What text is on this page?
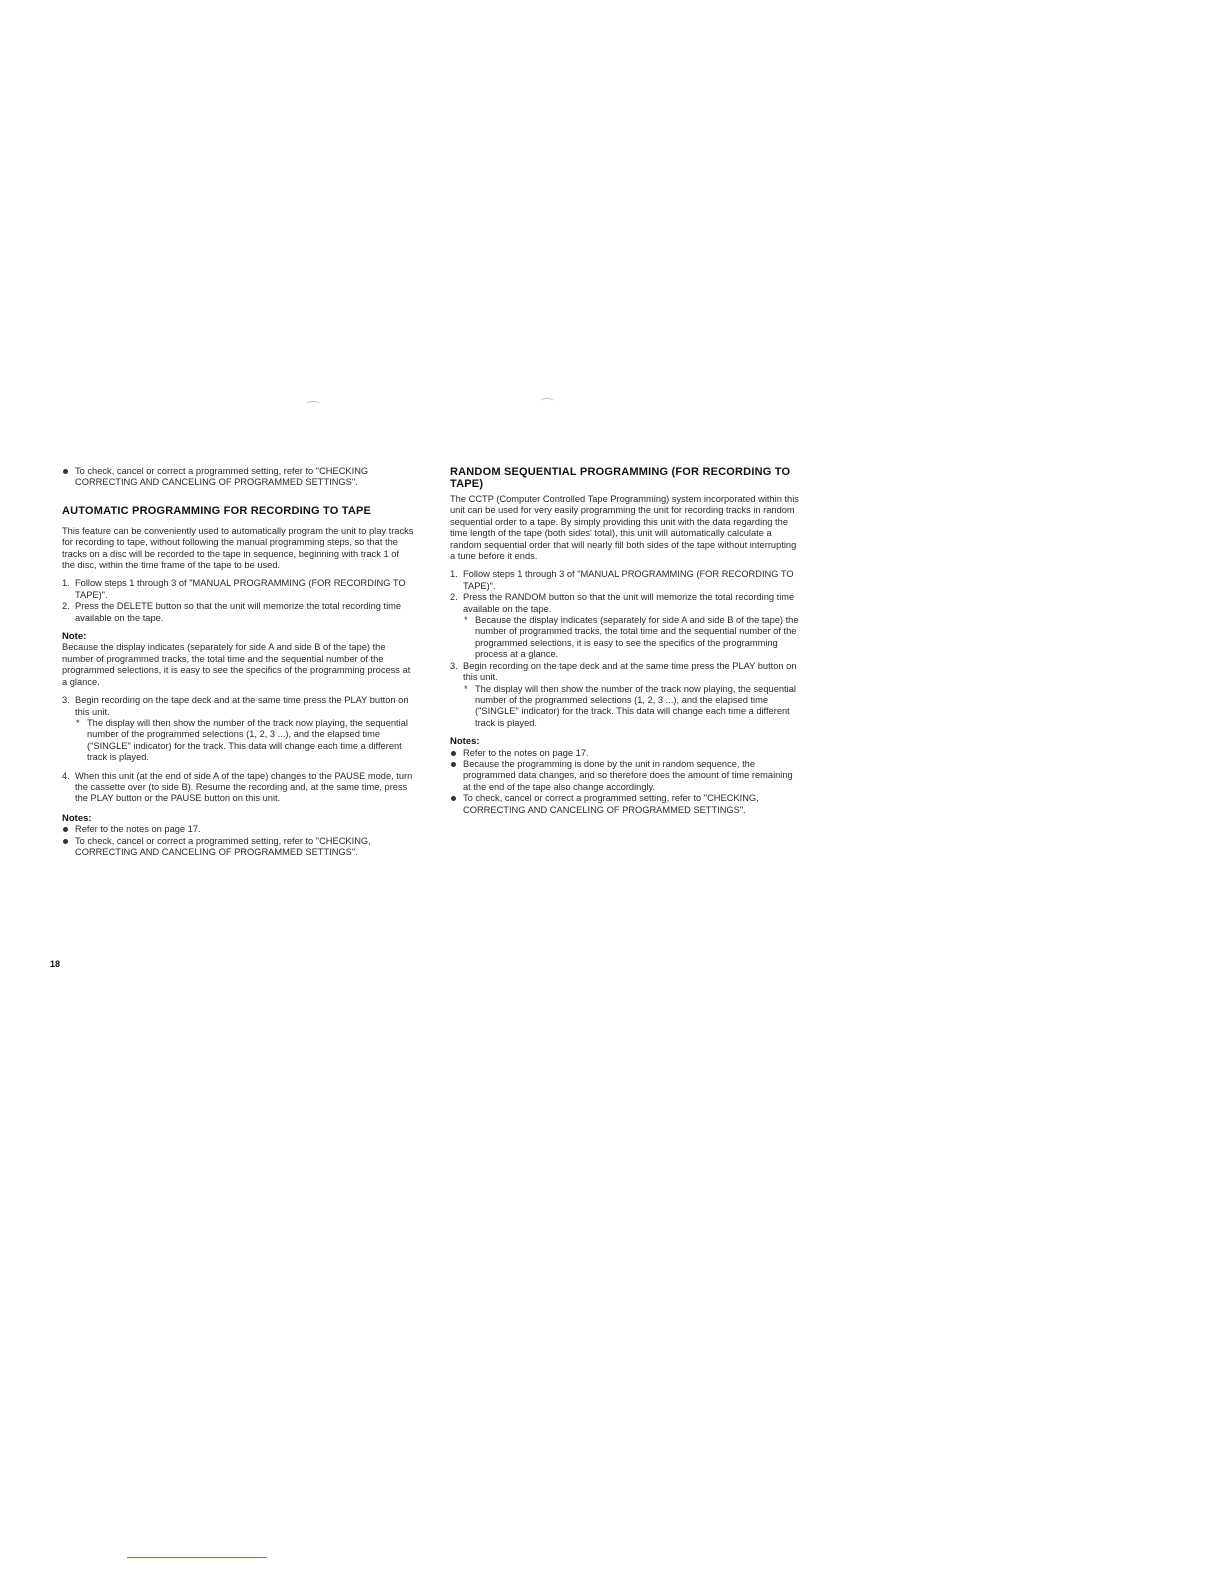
To check, cancel or correct a programmed setting, refer to "CHECKING CORRECTING AND CANCELING OF PROGRAMMED SETTINGS".

AUTOMATIC PROGRAMMING FOR RECORDING TO TAPE

This feature can be conveniently used to automatically program the unit to play tracks for recording to tape, without following the manual programming steps, so that the tracks on a disc will be recorded to the tape in sequence, beginning with track 1 of the disc, within the time frame of the tape to be used.

1. Follow steps 1 through 3 of "MANUAL PROGRAMMING (FOR RECORDING TO TAPE)".
2. Press the DELETE button so that the unit will memorize the total recording time available on the tape.
Note:

Because the display indicates (separately for side A and side B of the tape) the number of programmed tracks, the total time and the sequential number of the programmed selections, it is easy to see the specifics of the programming process at a glance.

3. Begin recording on the tape deck and at the same time press the PLAY button on this unit.
* The display will then show the number of the track now playing, the sequential number of the programmed selections (1, 2, 3 ...), and the elapsed time ("SINGLE" indicator) for the track. This data will change each time a different track is played.
4. When this unit (at the end of side A of the tape) changes to the PAUSE mode, turn the cassette over (to side B). Resume the recording and, at the same time, press the PLAY button or the PAUSE button on this unit.
Notes:

Refer to the notes on page 17.

To check, cancel or correct a programmed setting, refer to "CHECKING, CORRECTING AND CANCELING OF PROGRAMMED SETTINGS".

RANDOM SEQUENTIAL PROGRAMMING (FOR RECORDING TO TAPE)

The CCTP (Computer Controlled Tape Programming) system incorporated within this unit can be used for very easily programming the unit for recording tracks in random sequential order to a tape. By simply providing this unit with the data regarding the time length of the tape (both sides' total), this unit will automatically calculate a random sequential order that will nearly fill both sides of the tape without interrupting a tune before it ends.

1. Follow steps 1 through 3 of "MANUAL PROGRAMMING (FOR RECORDING TO TAPE)".
2. Press the RANDOM button so that the unit will memorize the total recording time available on the tape.
* Because the display indicates (separately for side A and side B of the tape) the number of programmed tracks, the total time and the sequential number of the programmed selections, it is easy to see the specifics of the programming process at a glance.
3. Begin recording on the tape deck and at the same time press the PLAY button on this unit.
* The display will then show the number of the track now playing, the sequential number of the programmed selections (1, 2, 3 ...), and the elapsed time ("SINGLE" indicator) for the track. This data will change each time a different track is played.
Notes:

Refer to the notes on page 17.

Because the programming is done by the unit in random sequence, the programmed data changes, and so therefore does the amount of time remaining at the end of the tape also change accordingly.

To check, cancel or correct a programmed setting, refer to "CHECKING, CORRECTING AND CANCELING OF PROGRAMMED SETTINGS".

18
